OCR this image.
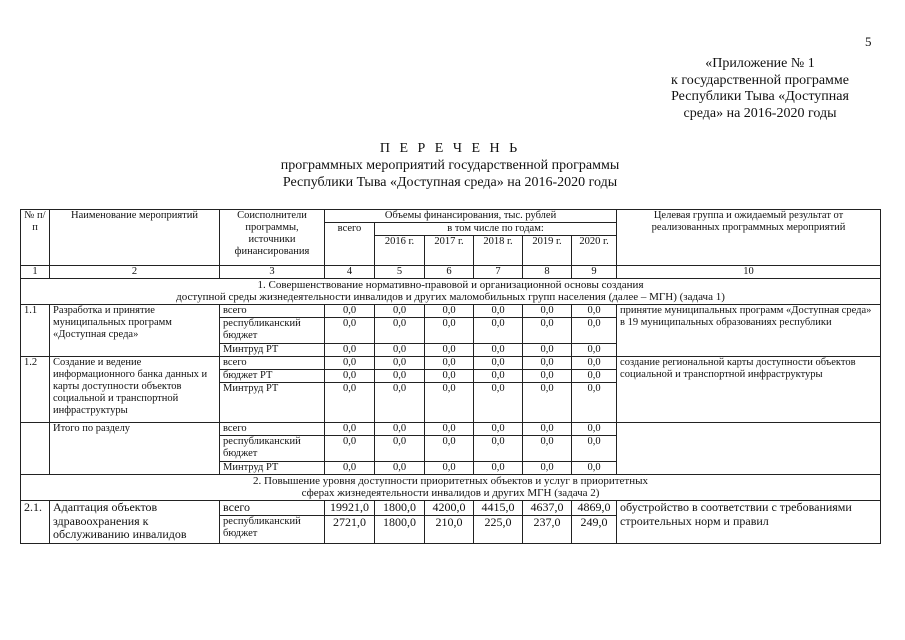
5
«Приложение № 1
к государственной программе
Республики Тыва «Доступная
среда» на 2016-2020 годы
П Е Р Е Ч Е Н Ь
программных мероприятий государственной программы
Республики Тыва «Доступная среда» на 2016-2020 годы
№ п/п	Наименование мероприятий	Соисполнители программы, источники финансирования	Объемы финансирования, тыс. рублей						Целевая группа и ожидаемый результат от реализованных программных мероприятий
			всего	в том числе по годам:					
				2016 г.	2017 г.	2018 г.	2019 г.	2020 г.	
1	2	3	4	5	6	7	8	9	10

1. Совершенствование нормативно-правовой и организационной основы создания
доступной среды жизнедеятельности инвалидов и других маломобильных групп населения (далее – МГН) (задача 1)									

1.1	Разработка и принятие муниципальных программ «Доступная среда»	всего	0,0	0,0	0,0	0,0	0,0	0,0	принятие муниципальных программ «Доступная среда» в 19 муниципальных образованиях республики
		республиканский бюджет	0,0	0,0	0,0	0,0	0,0	0,0	
		Минтруд РТ	0,0	0,0	0,0	0,0	0,0	0,0	
1.2	Создание и ведение информационного банка данных и карты доступности объектов социальной и транспортной инфраструктуры	всего	0,0	0,0	0,0	0,0	0,0	0,0	создание региональной карты доступности объектов социальной и транспортной инфраструктуры
		бюджет РТ	0,0	0,0	0,0	0,0	0,0	0,0	
		Минтруд РТ	0,0	0,0	0,0	0,0	0,0	0,0	
	Итого по разделу	всего	0,0	0,0	0,0	0,0	0,0	0,0	
		республиканский бюджет	0,0	0,0	0,0	0,0	0,0	0,0	
		Минтруд РТ	0,0	0,0	0,0	0,0	0,0	0,0	

2. Повышение уровня доступности приоритетных объектов и услуг в приоритетных
сферах жизнедеятельности инвалидов и других МГН (задача 2)									

2.1.	Адаптация объектов здравоохранения к обслуживанию инвалидов	всего	19921,0	1800,0	4200,0	4415,0	4637,0	4869,0	обустройство в соответствии с требованиями строительных норм и правил
		республиканский бюджет	2721,0	1800,0	210,0	225,0	237,0	249,0	
